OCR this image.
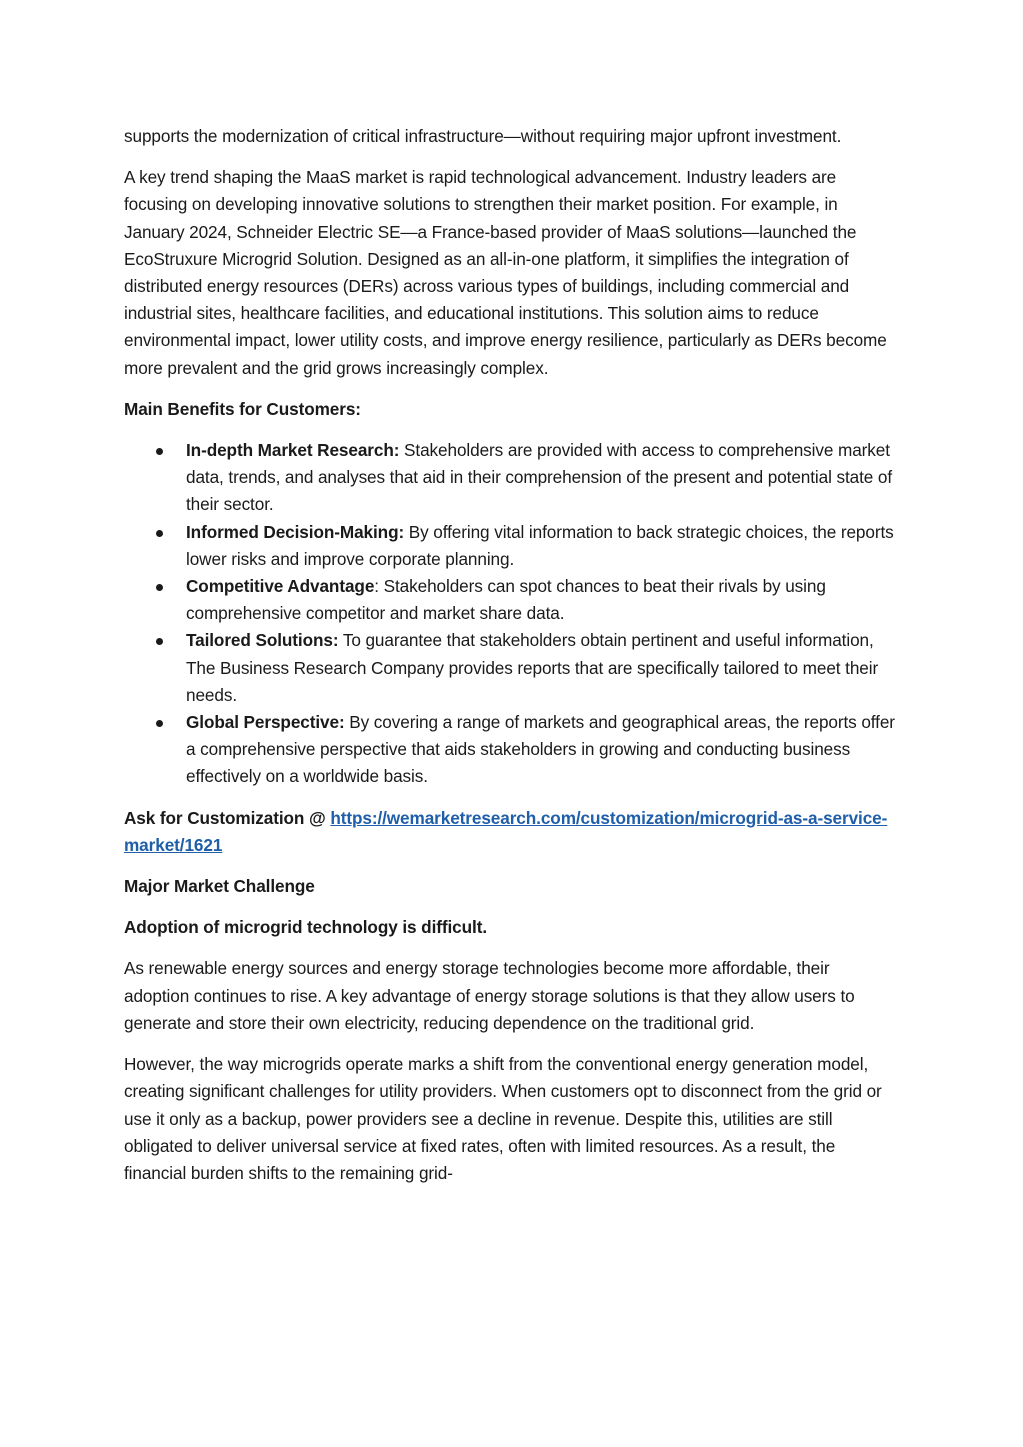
supports the modernization of critical infrastructure—without requiring major upfront investment.

A key trend shaping the MaaS market is rapid technological advancement. Industry leaders are focusing on developing innovative solutions to strengthen their market position. For example, in January 2024, Schneider Electric SE—a France-based provider of MaaS solutions—launched the EcoStruxure Microgrid Solution. Designed as an all-in-one platform, it simplifies the integration of distributed energy resources (DERs) across various types of buildings, including commercial and industrial sites, healthcare facilities, and educational institutions. This solution aims to reduce environmental impact, lower utility costs, and improve energy resilience, particularly as DERs become more prevalent and the grid grows increasingly complex.

Main Benefits for Customers:

In-depth Market Research: Stakeholders are provided with access to comprehensive market data, trends, and analyses that aid in their comprehension of the present and potential state of their sector.
Informed Decision-Making: By offering vital information to back strategic choices, the reports lower risks and improve corporate planning.
Competitive Advantage: Stakeholders can spot chances to beat their rivals by using comprehensive competitor and market share data.
Tailored Solutions: To guarantee that stakeholders obtain pertinent and useful information, The Business Research Company provides reports that are specifically tailored to meet their needs.
Global Perspective: By covering a range of markets and geographical areas, the reports offer a comprehensive perspective that aids stakeholders in growing and conducting business effectively on a worldwide basis.

Ask for Customization @ https://wemarketresearch.com/customization/microgrid-as-a-service-market/1621

Major Market Challenge

Adoption of microgrid technology is difficult.

As renewable energy sources and energy storage technologies become more affordable, their adoption continues to rise. A key advantage of energy storage solutions is that they allow users to generate and store their own electricity, reducing dependence on the traditional grid.

However, the way microgrids operate marks a shift from the conventional energy generation model, creating significant challenges for utility providers. When customers opt to disconnect from the grid or use it only as a backup, power providers see a decline in revenue. Despite this, utilities are still obligated to deliver universal service at fixed rates, often with limited resources. As a result, the financial burden shifts to the remaining grid-
